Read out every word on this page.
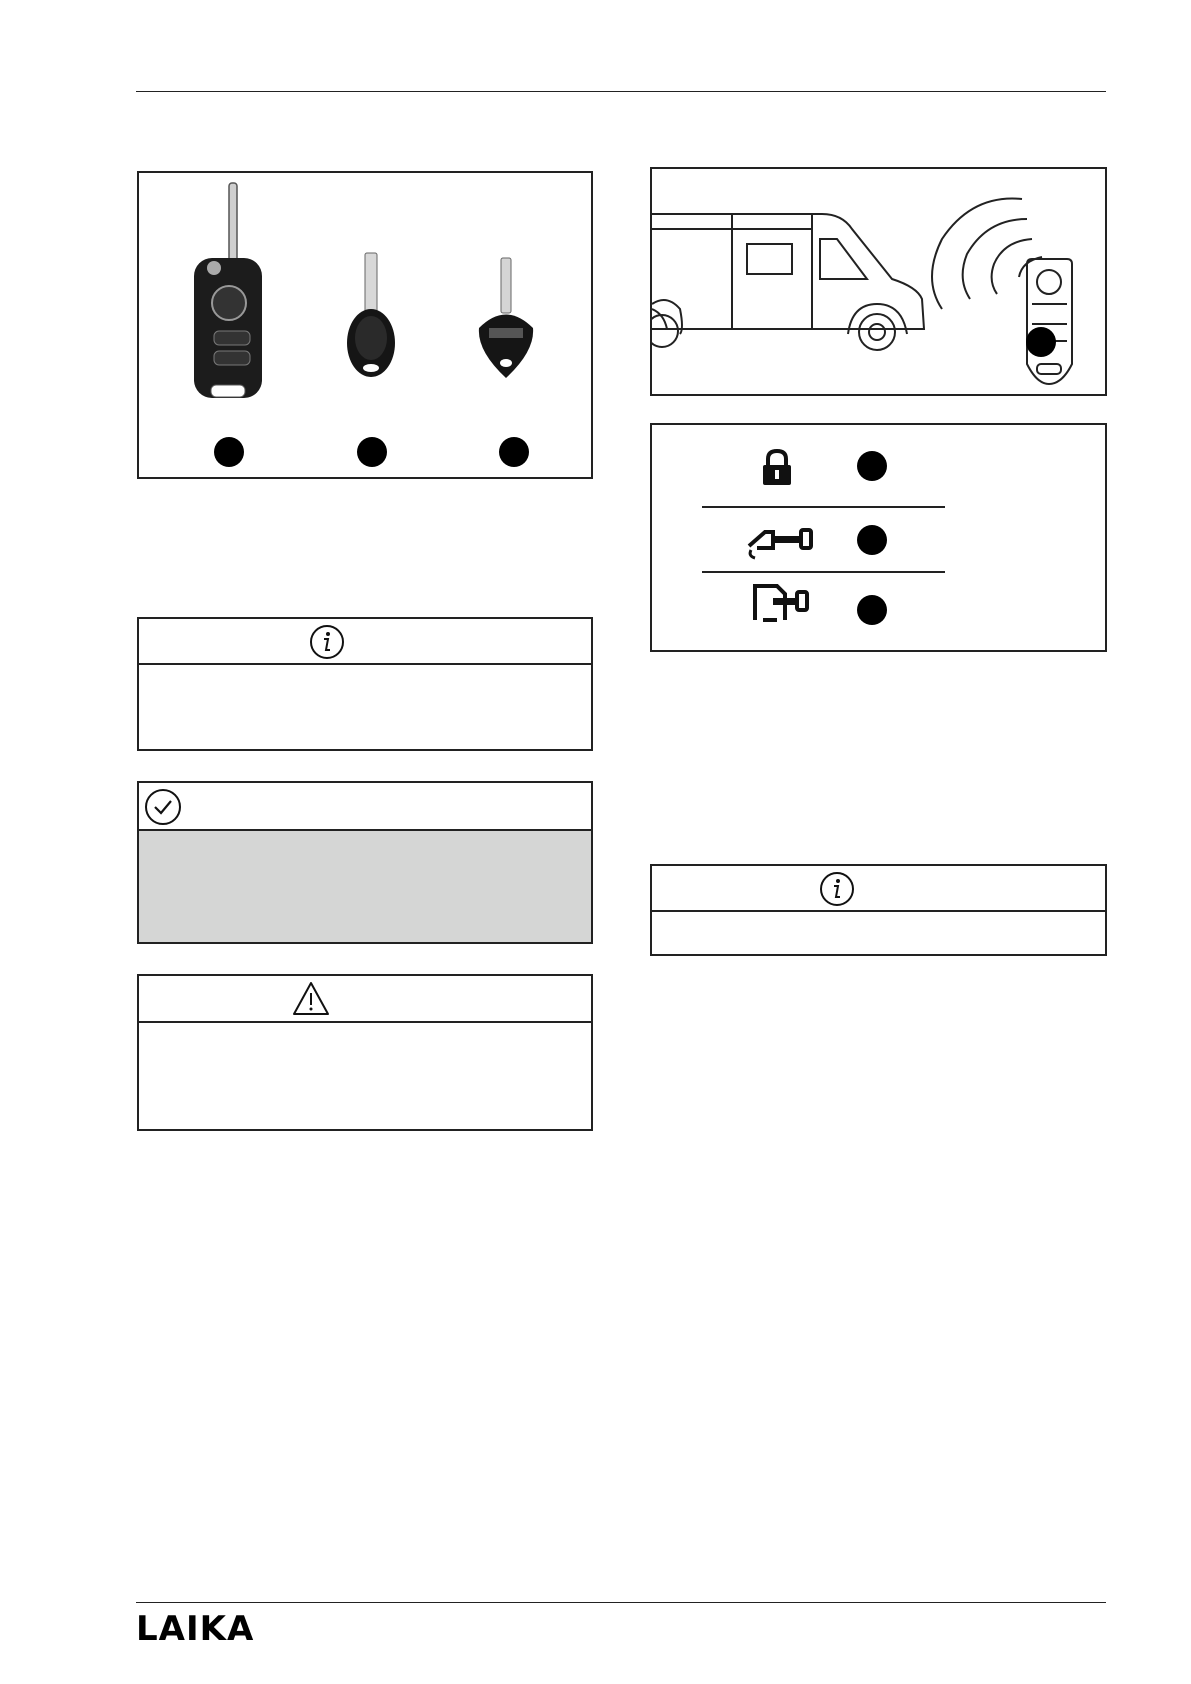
LAIKA
